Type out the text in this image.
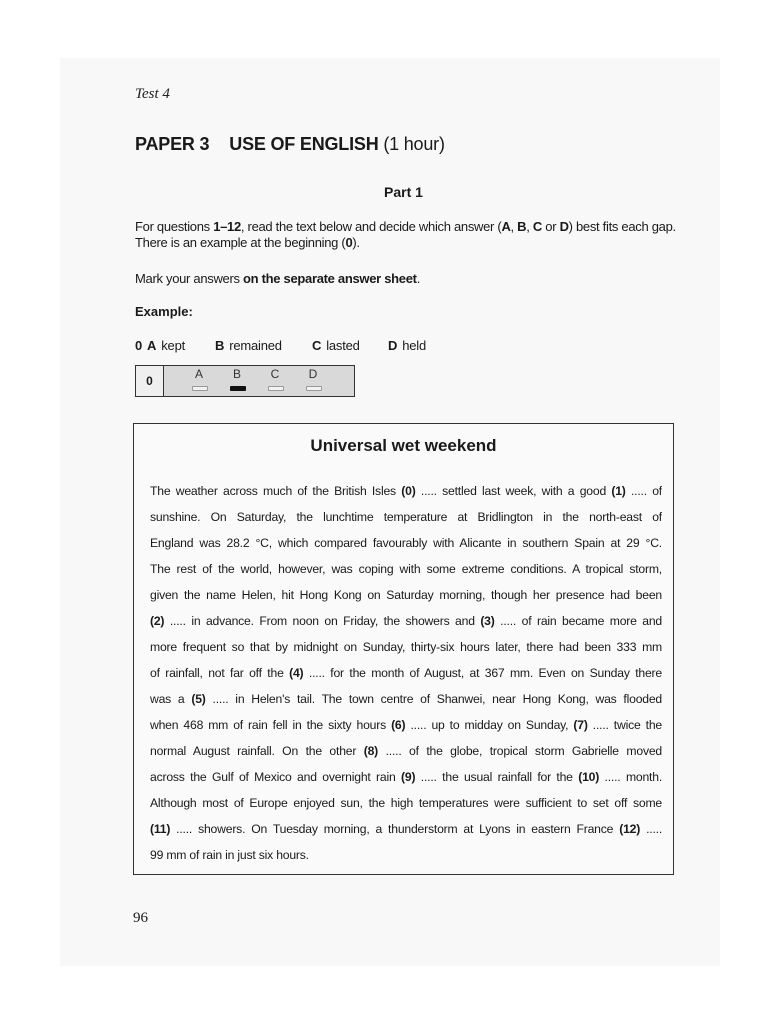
Test 4
PAPER 3 USE OF ENGLISH (1 hour)
Part 1
For questions 1–12, read the text below and decide which answer (A, B, C or D) best fits each gap.
There is an example at the beginning (0).
Mark your answers on the separate answer sheet.
Example:
0 A kept B remained C lasted D held
0	A	B	C	D
Universal wet weekend
The weather across much of the British Isles (0) ..... settled last week, with a good (1) ..... of
sunshine. On Saturday, the lunchtime temperature at Bridlington in the north-east of
England was 28.2 °C, which compared favourably with Alicante in southern Spain at 29 °C.
The rest of the world, however, was coping with some extreme conditions. A tropical storm,
given the name Helen, hit Hong Kong on Saturday morning, though her presence had been
(2) ..... in advance. From noon on Friday, the showers and (3) ..... of rain became more and
more frequent so that by midnight on Sunday, thirty-six hours later, there had been 333 mm
of rainfall, not far off the (4) ..... for the month of August, at 367 mm. Even on Sunday there
was a (5) ..... in Helen's tail. The town centre of Shanwei, near Hong Kong, was flooded
when 468 mm of rain fell in the sixty hours (6) ..... up to midday on Sunday, (7) ..... twice the
normal August rainfall. On the other (8) ..... of the globe, tropical storm Gabrielle moved
across the Gulf of Mexico and overnight rain (9) ..... the usual rainfall for the (10) ..... month.
Although most of Europe enjoyed sun, the high temperatures were sufficient to set off some
(11) ..... showers. On Tuesday morning, a thunderstorm at Lyons in eastern France (12) .....
99 mm of rain in just six hours.
96
